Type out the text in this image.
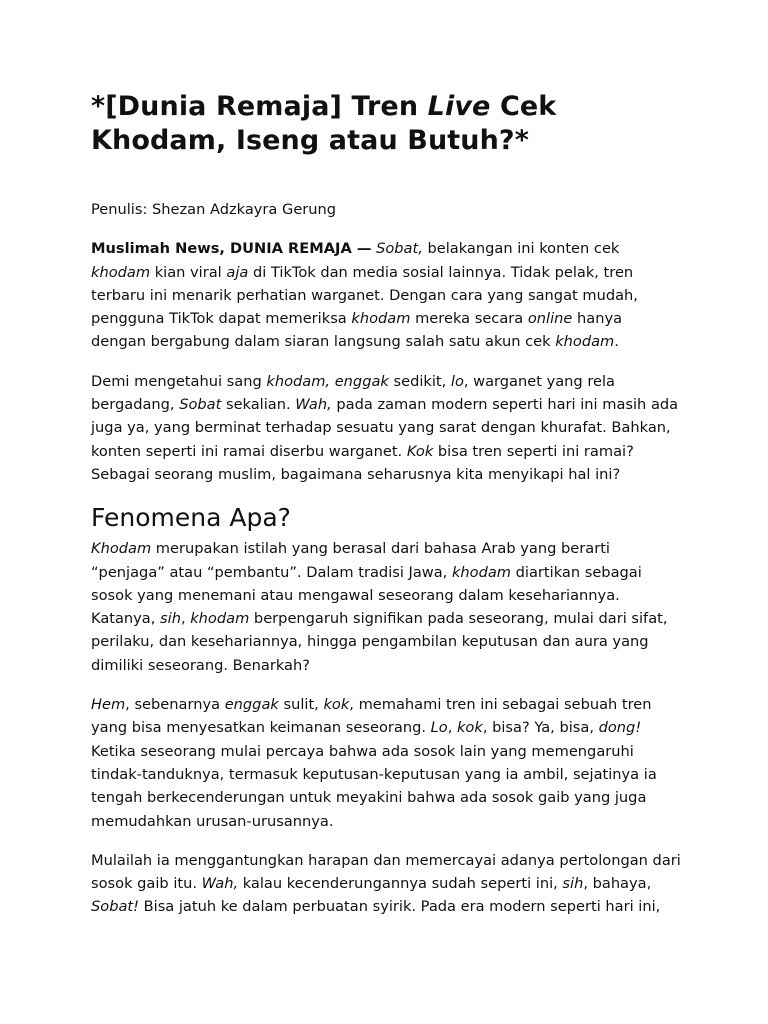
*[Dunia Remaja] Tren Live Cek Khodam, Iseng atau Butuh?*

Penulis: Shezan Adzkayra Gerung

Muslimah News, DUNIA REMAJA — Sobat, belakangan ini konten cek khodam kian viral aja di TikTok dan media sosial lainnya. Tidak pelak, tren terbaru ini menarik perhatian warganet. Dengan cara yang sangat mudah, pengguna TikTok dapat memeriksa khodam mereka secara online hanya dengan bergabung dalam siaran langsung salah satu akun cek khodam.

Demi mengetahui sang khodam, enggak sedikit, lo, warganet yang rela bergadang, Sobat sekalian. Wah, pada zaman modern seperti hari ini masih ada juga ya, yang berminat terhadap sesuatu yang sarat dengan khurafat. Bahkan, konten seperti ini ramai diserbu warganet. Kok bisa tren seperti ini ramai? Sebagai seorang muslim, bagaimana seharusnya kita menyikapi hal ini?

Fenomena Apa?

Khodam merupakan istilah yang berasal dari bahasa Arab yang berarti “penjaga” atau “pembantu”. Dalam tradisi Jawa, khodam diartikan sebagai sosok yang menemani atau mengawal seseorang dalam kesehariannya. Katanya, sih, khodam berpengaruh signifikan pada seseorang, mulai dari sifat, perilaku, dan kesehariannya, hingga pengambilan keputusan dan aura yang dimiliki seseorang. Benarkah?

Hem, sebenarnya enggak sulit, kok, memahami tren ini sebagai sebuah tren yang bisa menyesatkan keimanan seseorang. Lo, kok, bisa? Ya, bisa, dong! Ketika seseorang mulai percaya bahwa ada sosok lain yang memengaruhi tindak-tanduknya, termasuk keputusan-keputusan yang ia ambil, sejatinya ia tengah berkecenderungan untuk meyakini bahwa ada sosok gaib yang juga memudahkan urusan-urusannya.

Mulailah ia menggantungkan harapan dan memercayai adanya pertolongan dari sosok gaib itu. Wah, kalau kecenderungannya sudah seperti ini, sih, bahaya, Sobat! Bisa jatuh ke dalam perbuatan syirik. Pada era modern seperti hari ini,
